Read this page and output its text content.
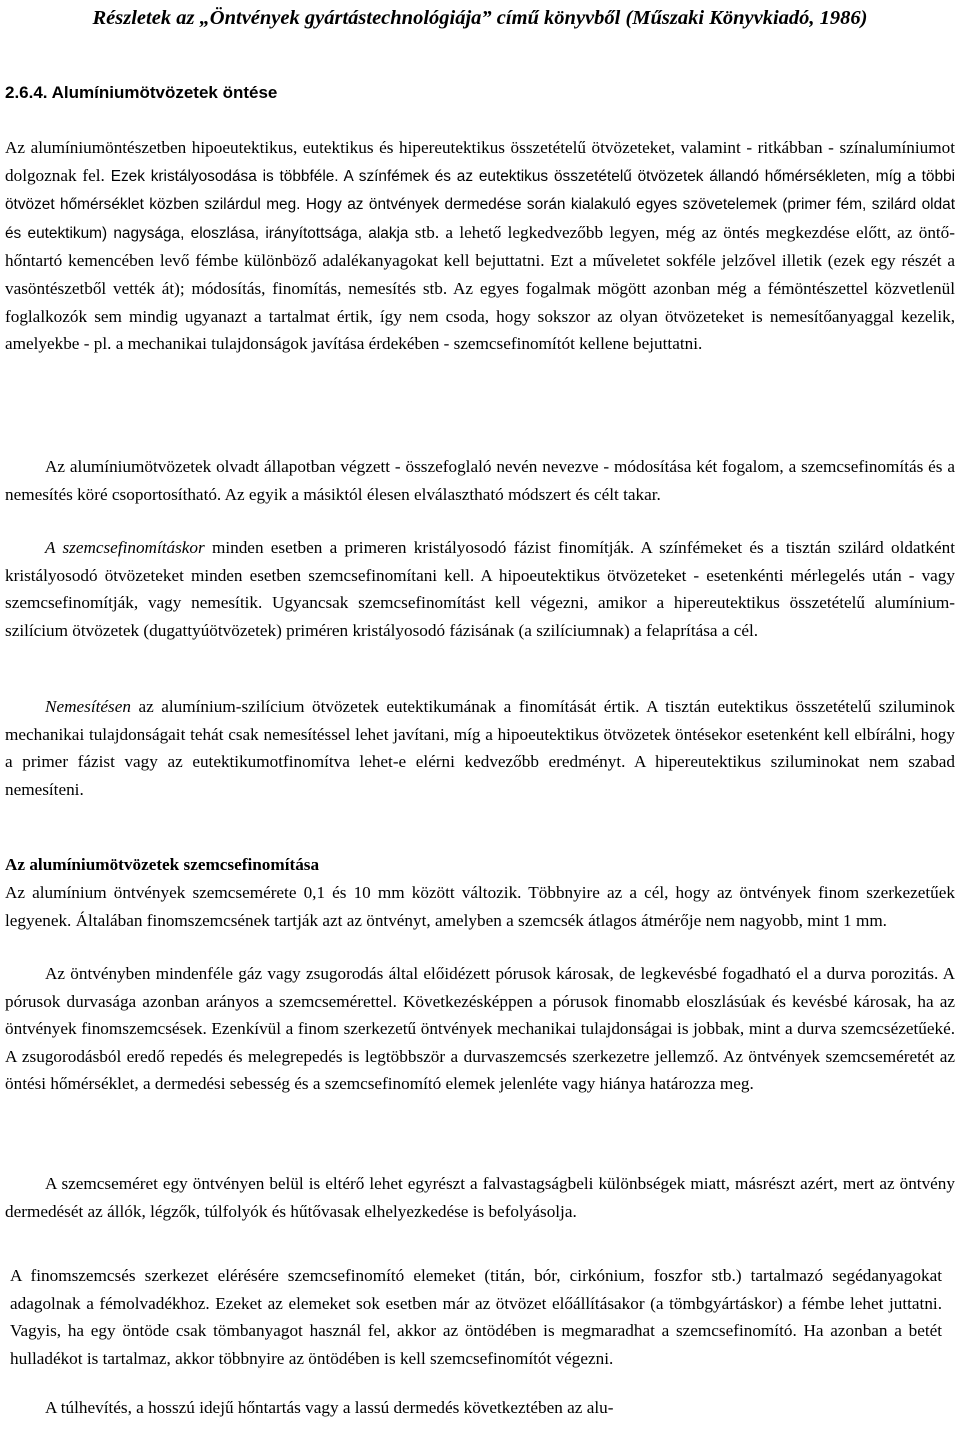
Részletek az „Öntvények gyártástechnológiája” című könyvből (Műszaki Könyvkiadó, 1986)
2.6.4. Alumíniumötvözetek öntése

Az alumíniumöntészetben hipoeutektikus, eutektikus és hipereutektikus összetételű ötvözeteket, valamint - ritkábban - színalumíniumot dolgoznak fel. Ezek kristályosodása is többféle. A színfémek és az eutektikus összetételű ötvözetek állandó hőmérsékleten, míg a többi ötvözet hőmérséklet közben szilárdul meg. Hogy az öntvények dermedése során kialakuló egyes szövetelemek (primer fém, szilárd oldat és eutektikum) nagysága, eloszlása, irányítottsága, alakja stb. a lehető legkedvezőbb legyen, még az öntés megkezdése előtt, az öntő-hőntartó kemencében levő fémbe különböző adalékanyagokat kell bejuttatni. Ezt a műveletet sokféle jelzővel illetik (ezek egy részét a vasöntészetből vették át); módosítás, finomítás, nemesítés stb. Az egyes fogalmak mögött azonban még a fémöntészettel közvetlenül foglalkozók sem mindig ugyanazt a tartalmat értik, így nem csoda, hogy sokszor az olyan ötvözeteket is nemesítőanyaggal kezelik, amelyekbe - pl. a mechanikai tulajdonságok javítása érdekében - szemcsefinomítót kellene bejuttatni.

Az alumíniumötvözetek olvadt állapotban végzett - összefoglaló nevén nevezve - módosítása két fogalom, a szemcsefinomítás és a nemesítés köré csoportosítható. Az egyik a másiktól élesen elválasztható módszert és célt takar.

A szemcsefinomításkor minden esetben a primeren kristályosodó fázist finomítják. A színfémeket és a tisztán szilárd oldatként kristályosodó ötvözeteket minden esetben szemcsefinomítani kell. A hipoeutektikus ötvözeteket - esetenkénti mérlegelés után - vagy szemcsefinomítják, vagy nemesítik. Ugyancsak szemcsefinomítást kell végezni, amikor a hipereutektikus összetételű alumínium-szilícium ötvözetek (dugattyúötvözetek) priméren kristályosodó fázisának (a szilíciumnak) a felaprítása a cél.

Nemesítésen az alumínium-szilícium ötvözetek eutektikumának a finomítását értik. A tisztán eutektikus összetételű sziluminok mechanikai tulajdonságait tehát csak nemesítéssel lehet javítani, míg a hipoeutektikus ötvözetek öntésekor esetenként kell elbírálni, hogy a primer fázist vagy az eutektikumotfinomítva lehet-e elérni kedvezőbb eredményt. A hipereutektikus sziluminokat nem szabad nemesíteni.

Az alumíniumötvözetek szemcsefinomítása

Az alumínium öntvények szemcsemérete 0,1 és 10 mm között változik. Többnyire az a cél, hogy az öntvények finom szerkezetűek legyenek. Általában finomszemcsének tartják azt az öntvényt, amelyben a szemcsék átlagos átmérője nem nagyobb, mint 1 mm.

Az öntvényben mindenféle gáz vagy zsugorodás által előidézett pórusok károsak, de legkevésbé fogadható el a durva porozitás. A pórusok durvasága azonban arányos a szemcsemérettel. Következésképpen a pórusok finomabb eloszlásúak és kevésbé károsak, ha az öntvények finomszemcsések. Ezenkívül a finom szerkezetű öntvények mechanikai tulajdonságai is jobbak, mint a durva szemcsézetűeké. A zsugorodásból eredő repedés és melegrepedés is legtöbbször a durvaszemcsés szerkezetre jellemző. Az öntvények szemcseméretét az öntési hőmérséklet, a dermedési sebesség és a szemcsefinomító elemek jelenléte vagy hiánya határozza meg.

A szemcseméret egy öntvényen belül is eltérő lehet egyrészt a falvastagságbeli különbségek miatt, másrészt azért, mert az öntvény dermedését az állók, légzők, túlfolyók és hűtővasak elhelyezkedése is befolyásolja.

A finomszemcsés szerkezet elérésére szemcsefinomító elemeket (titán, bór, cirkónium, foszfor stb.) tartalmazó segédanyagokat adagolnak a fémolvadékhoz. Ezeket az elemeket sok esetben már az ötvözet előállításakor (a tömbgyártáskor) a fémbe lehet juttatni. Vagyis, ha egy öntöde csak tömbanyagot használ fel, akkor az öntödében is megmaradhat a szemcsefinomító. Ha azonban a betét hulladékot is tartalmaz, akkor többnyire az öntödében is kell szemcsefinomítót végezni.

A túlhevítés, a hosszú idejű hőntartás vagy a lassú dermedés következtében az alu-
